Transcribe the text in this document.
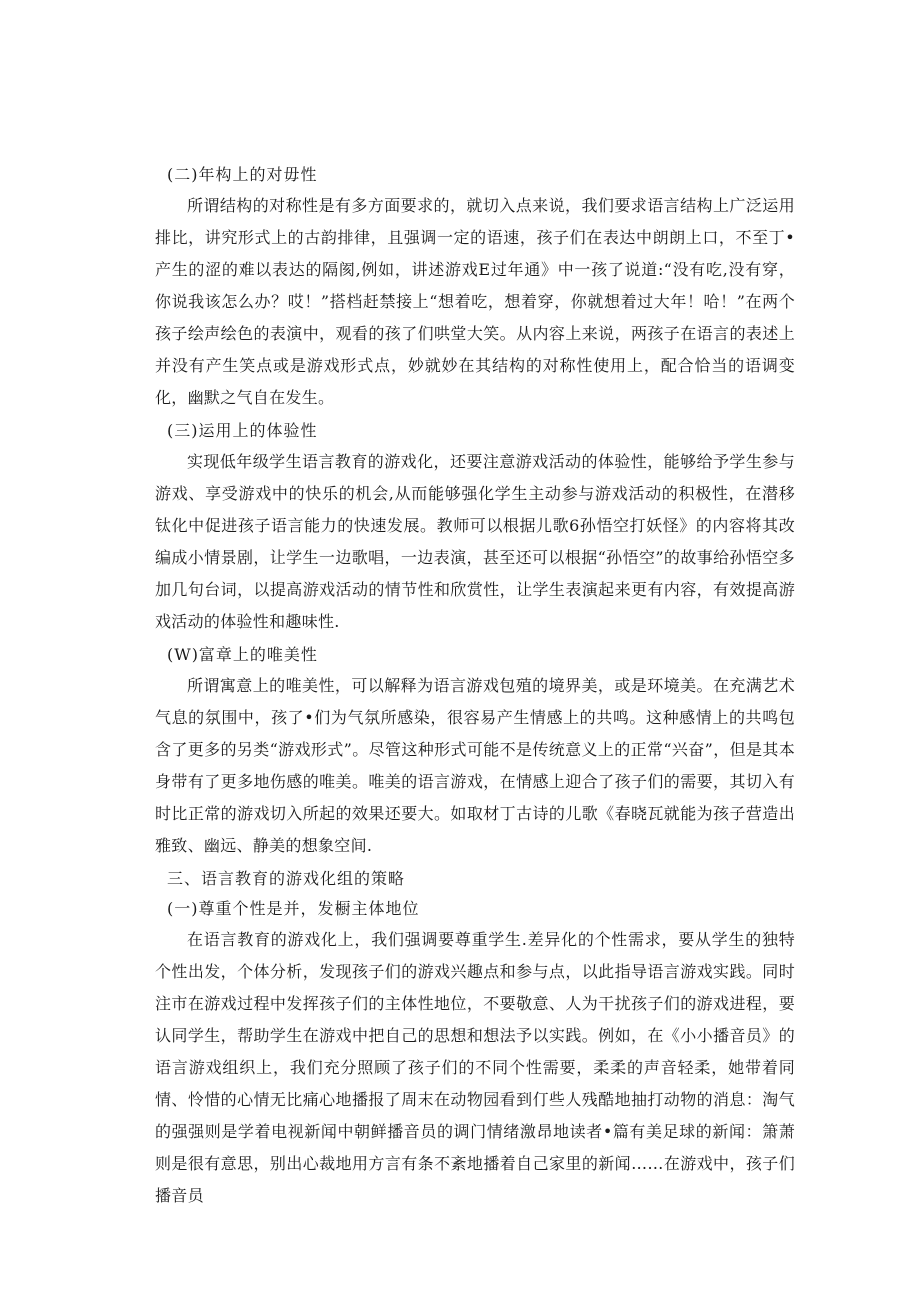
(二)年构上的对毋性

所谓结构的对称性是有多方面要求的，就切入点来说，我们要求语言结构上广泛运用排比，讲究形式上的古韵排律，且强调一定的语速，孩子们在表达中朗朗上口，不至丁•产生的涩的难以表达的隔阂,例如，讲述游戏E过年通》中一孩了说道:“没有吃,没有穿，你说我该怎么办？哎！”搭档赶禁接上“想着吃，想着穿，你就想着过大年！哈！”在两个孩子绘声绘色的表演中，观看的孩了们哄堂大笑。从内容上来说，两孩子在语言的表述上并没有产生笑点或是游戏形式点，妙就妙在其结构的对称性使用上，配合恰当的语调变化，幽默之气自在发生。

(三)运用上的体验性

实现低年级学生语言教育的游戏化，还要注意游戏活动的体验性，能够给予学生参与游戏、享受游戏中的快乐的机会,从而能够强化学生主动参与游戏活动的积极性，在潜移钛化中促进孩子语言能力的快速发展。教师可以根据儿歌6孙悟空打妖怪》的内容将其改编成小情景剧，让学生一边歌唱，一边表演，甚至还可以根据“孙悟空”的故事给孙悟空多加几句台词，以提高游戏活动的情节性和欣赏性，让学生表演起来更有内容，有效提高游戏活动的体验性和趣味性.

(W)富章上的唯美性

所谓寓意上的唯美性，可以解释为语言游戏包殖的境界美，或是环境美。在充满艺术气息的氛围中，孩了•们为气氛所感染，很容易产生情感上的共鸣。这种感情上的共鸣包含了更多的另类“游戏形式”。尽管这种形式可能不是传统意义上的正常“兴奋”，但是其本身带有了更多地伤感的唯美。唯美的语言游戏，在情感上迎合了孩子们的需要，其切入有时比正常的游戏切入所起的效果还要大。如取材丁古诗的儿歌《春晓瓦就能为孩子营造出雅致、幽远、静美的想象空间.

三、语言教育的游戏化组的策略

(一)尊重个性是并，发橱主体地位

在语言教育的游戏化上，我们强调要尊重学生.差异化的个性需求，要从学生的独特个性出发，个体分析，发现孩子们的游戏兴趣点和参与点，以此指导语言游戏实践。同时注市在游戏过程中发挥孩子们的主体性地位，不要敬意、人为干扰孩子们的游戏进程，要认同学生，帮助学生在游戏中把自己的思想和想法予以实践。例如，在《小小播音员》的语言游戏组织上，我们充分照顾了孩子们的不同个性需要，柔柔的声音轻柔，她带着同情、怜惜的心情无比痛心地播报了周末在动物园看到仃些人残酷地抽打动物的消息：淘气的强强则是学着电视新闻中朝鲜播音员的调门情绪激昂地读者•篇有美足球的新闻：箫萧则是很有意思，别出心裁地用方言有条不紊地播着自己家里的新闻……在游戏中，孩子们播音员
